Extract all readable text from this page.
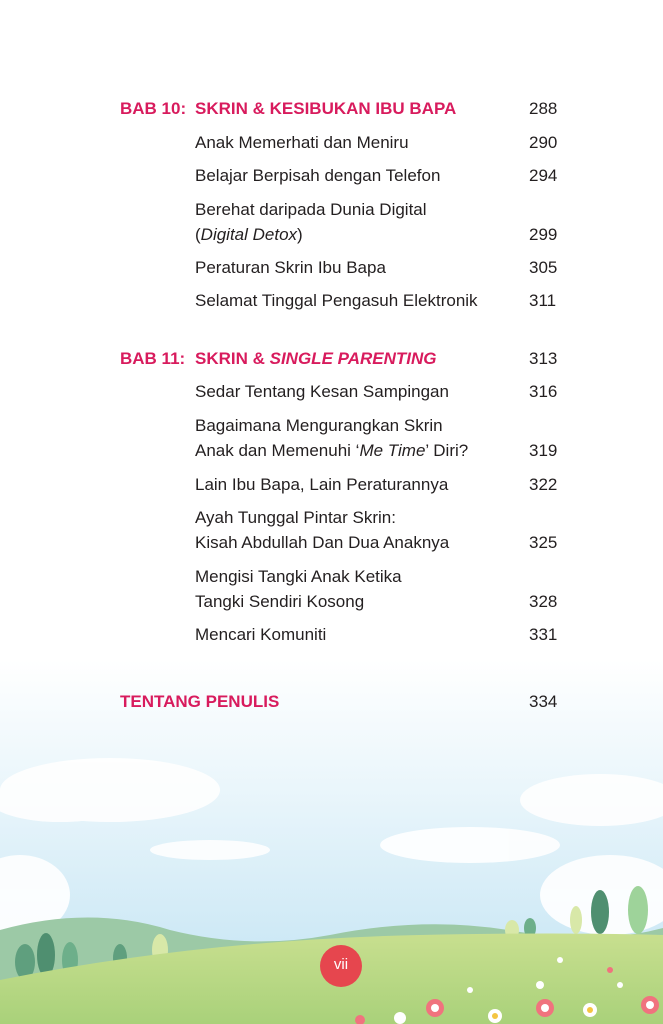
BAB 10: SKRIN & KESIBUKAN IBU BAPA	288
Anak Memerhati dan Meniru	290
Belajar Berpisah dengan Telefon	294
Berehat daripada Dunia Digital
(Digital Detox)	299
Peraturan Skrin Ibu Bapa	305
Selamat Tinggal Pengasuh Elektronik	311
BAB 11: SKRIN & SINGLE PARENTING	313
Sedar Tentang Kesan Sampingan	316
Bagaimana Mengurangkan Skrin
Anak dan Memenuhi ‘Me Time’ Diri?	319
Lain Ibu Bapa, Lain Peraturannya	322
Ayah Tunggal Pintar Skrin:
Kisah Abdullah Dan Dua Anaknya	325
Mengisi Tangki Anak Ketika
Tangki Sendiri Kosong	328
Mencari Komuniti	331
TENTANG PENULIS	334
vii
